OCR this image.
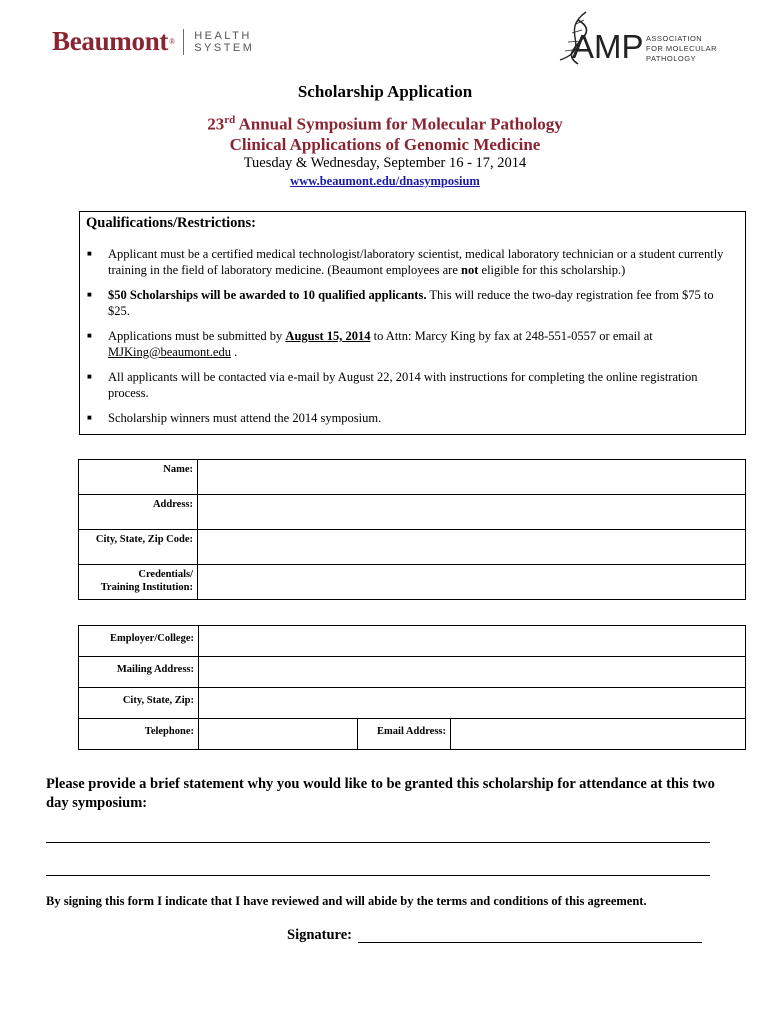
Beaumont ® HEALTH
SYSTEM	AMP ASSOCIATION
FOR MOLECULAR
PATHOLOGY
Scholarship Application
23rd Annual Symposium for Molecular Pathology
Clinical Applications of Genomic Medicine
Tuesday & Wednesday, September 16 - 17, 2014
www.beaumont.edu/dnasymposium
Qualifications/Restrictions:
■ Applicant must be a certified medical technologist/laboratory scientist, medical laboratory technician or a student currently training in the field of laboratory medicine. (Beaumont employees are not eligible for this scholarship.)
■ $50 Scholarships will be awarded to 10 qualified applicants. This will reduce the two-day registration fee from $75 to $25.
■ Applications must be submitted by August 15, 2014 to Attn: Marcy King by fax at 248-551-0557 or email at MJKing@beaumont.edu .
■ All applicants will be contacted via e-mail by August 22, 2014 with instructions for completing the online registration process.
■ Scholarship winners must attend the 2014 symposium.
Name:	
Address:	
City, State, Zip Code:	
Credentials/
Training Institution:	
Employer/College:			
Mailing Address:			
City, State, Zip:			
Telephone:		Email Address:	
Please provide a brief statement why you would like to be granted this scholarship for attendance at this two day symposium:
By signing this form I indicate that I have reviewed and will abide by the terms and conditions of this agreement.
Signature:
